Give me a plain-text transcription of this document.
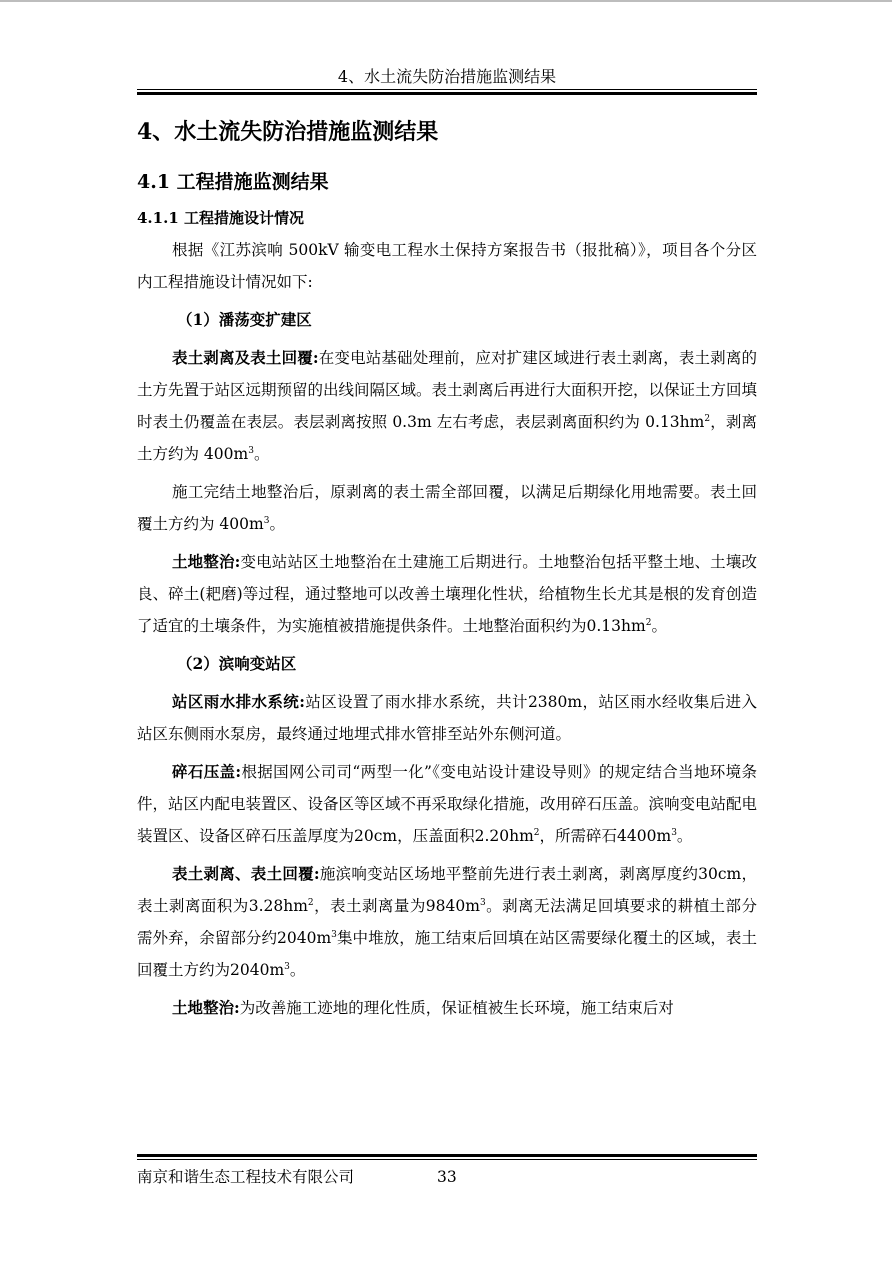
4、水土流失防治措施监测结果
4、水土流失防治措施监测结果
4.1 工程措施监测结果
4.1.1 工程措施设计情况

根据《江苏滨响 500kV 输变电工程水土保持方案报告书（报批稿）》，项目各个分区内工程措施设计情况如下:

（1）潘荡变扩建区

表土剥离及表土回覆:在变电站基础处理前，应对扩建区域进行表土剥离，表土剥离的土方先置于站区远期预留的出线间隔区域。表土剥离后再进行大面积开挖，以保证土方回填时表土仍覆盖在表层。表层剥离按照 0.3m 左右考虑，表层剥离面积约为 $0.13hm^2$，剥离土方约为 $400m^3$。

施工完结土地整治后，原剥离的表土需全部回覆，以满足后期绿化用地需要。表土回覆土方约为 $400m^3$。

土地整治:变电站站区土地整治在土建施工后期进行。土地整治包括平整土地、土壤改良、碎土(耙磨)等过程，通过整地可以改善土壤理化性状，给植物生长尤其是根的发育创造了适宜的土壤条件，为实施植被措施提供条件。土地整治面积约为$0.13hm^2$。

（2）滨响变站区

站区雨水排水系统:站区设置了雨水排水系统，共计2380m，站区雨水经收集后进入站区东侧雨水泵房，最终通过地埋式排水管排至站外东侧河道。

碎石压盖:根据国网公司司“两型一化”《变电站设计建设导则》的规定结合当地环境条件，站区内配电装置区、设备区等区域不再采取绿化措施，改用碎石压盖。滨响变电站配电装置区、设备区碎石压盖厚度为20cm，压盖面积$2.20hm^2$，所需碎石$4400m^3$。

表土剥离、表土回覆:施滨响变站区场地平整前先进行表土剥离，剥离厚度约30cm，表土剥离面积为$3.28hm^2$，表土剥离量为$9840m^3$。剥离无法满足回填要求的耕植土部分需外弃，余留部分约$2040m^3$集中堆放，施工结束后回填在站区需要绿化覆土的区域，表土回覆土方约为$2040m^3$。

土地整治:为改善施工迹地的理化性质，保证植被生长环境，施工结束后对

南京和谐生态工程技术有限公司	33
